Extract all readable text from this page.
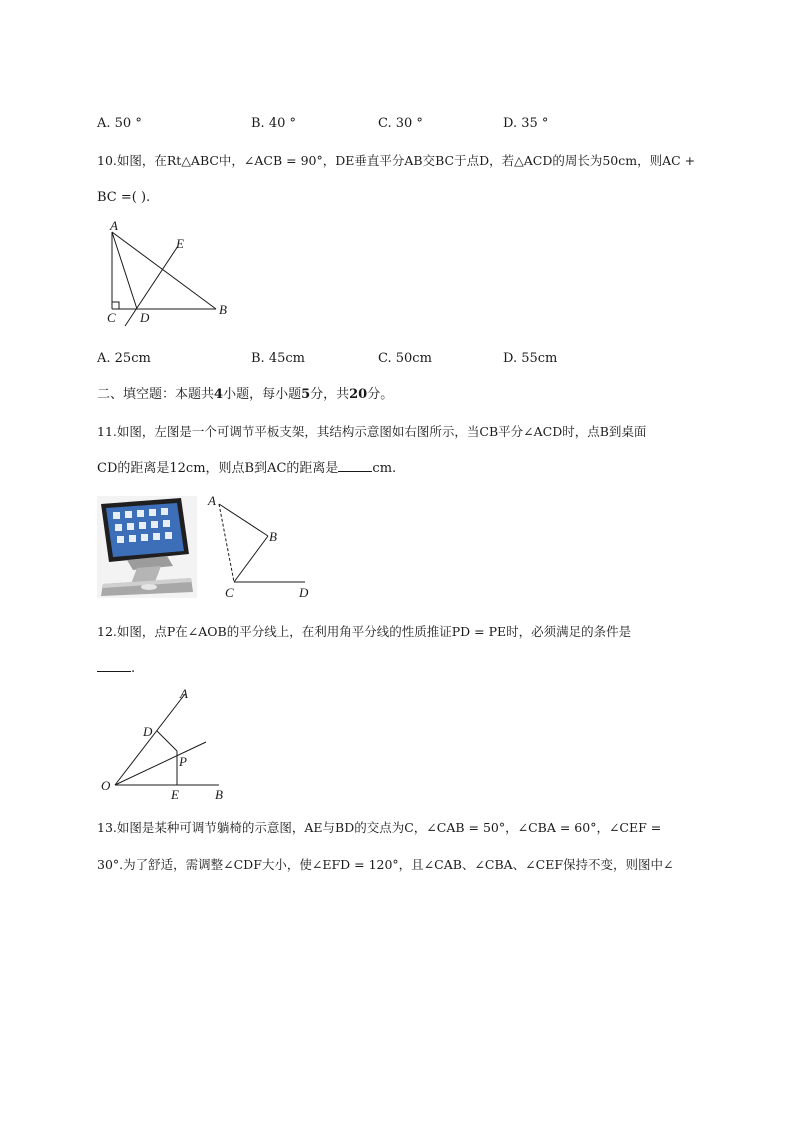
A. 50 °	B. 40 °	C. 30 °	D. 35 °
10.如图，在Rt△ABC中，∠ACB = 90°，DE垂直平分AB交BC于点D，若△ACD的周长为50cm，则AC +
BC =( ).
A
E
C D
B
A. 25cm	B. 45cm	C. 50cm	D. 55cm
二、填空题：本题共4小题，每小题5分，共20分。
11.如图，左图是一个可调节平板支架，其结构示意图如右图所示，当CB平分∠ACD时，点B到桌面
CD的距离是12cm，则点B到AC的距离是	cm.
A
B
C	D
12.如图，点P在∠AOB的平分线上，在利用角平分线的性质推证PD = PE时，必须满足的条件是
.
A
D
P
O
E	B
13.如图是某种可调节躺椅的示意图，AE与BD的交点为C，∠CAB = 50°，∠CBA = 60°，∠CEF =
30°.为了舒适，需调整∠CDF大小，使∠EFD = 120°，且∠CAB、∠CBA、∠CEF保持不变，则图中∠
